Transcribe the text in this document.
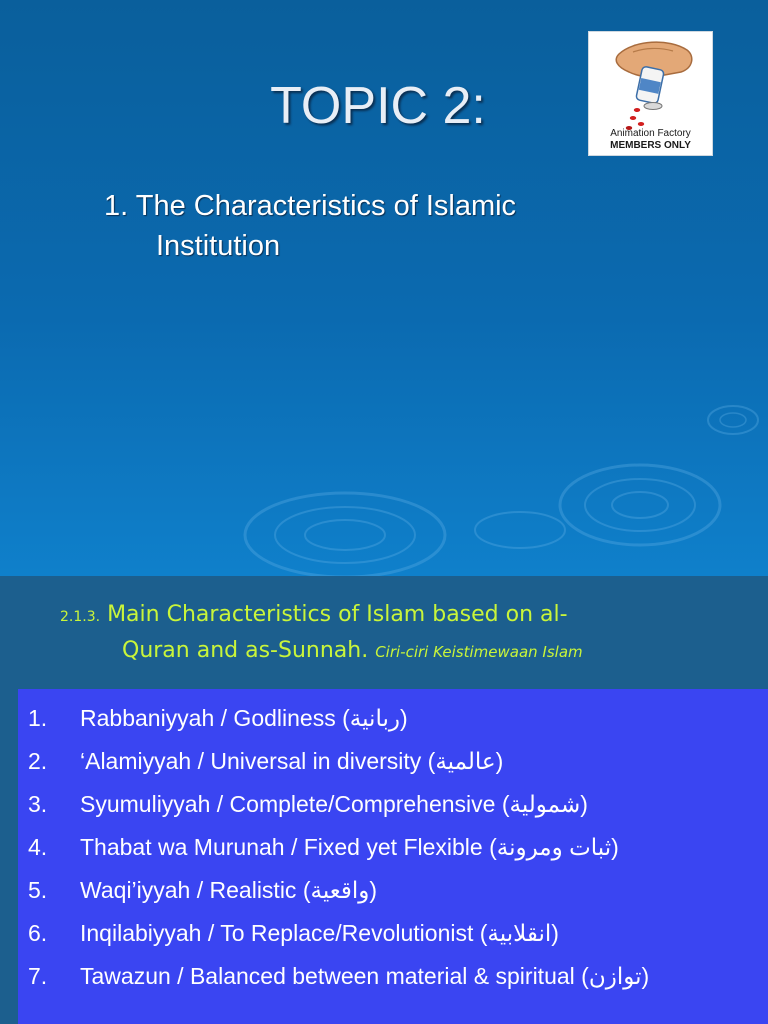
TOPIC 2:
1. The Characteristics of Islamic
Institution
Animation Factory
MEMBERS ONLY
2.1.3. Main Characteristics of Islam based on al-
Quran and as-Sunnah. Ciri-ciri Keistimewaan Islam
1. Rabbaniyyah / Godliness (ربانية)
2. ‘Alamiyyah / Universal in diversity (عالمية)
3. Syumuliyyah / Complete/Comprehensive (شمولية)
4. Thabat wa Murunah / Fixed yet Flexible (ثبات ومرونة)
5. Waqi’iyyah / Realistic (واقعية)
6. Inqilabiyyah / To Replace/Revolutionist (انقلابية)
7. Tawazun / Balanced between material & spiritual (توازن)
